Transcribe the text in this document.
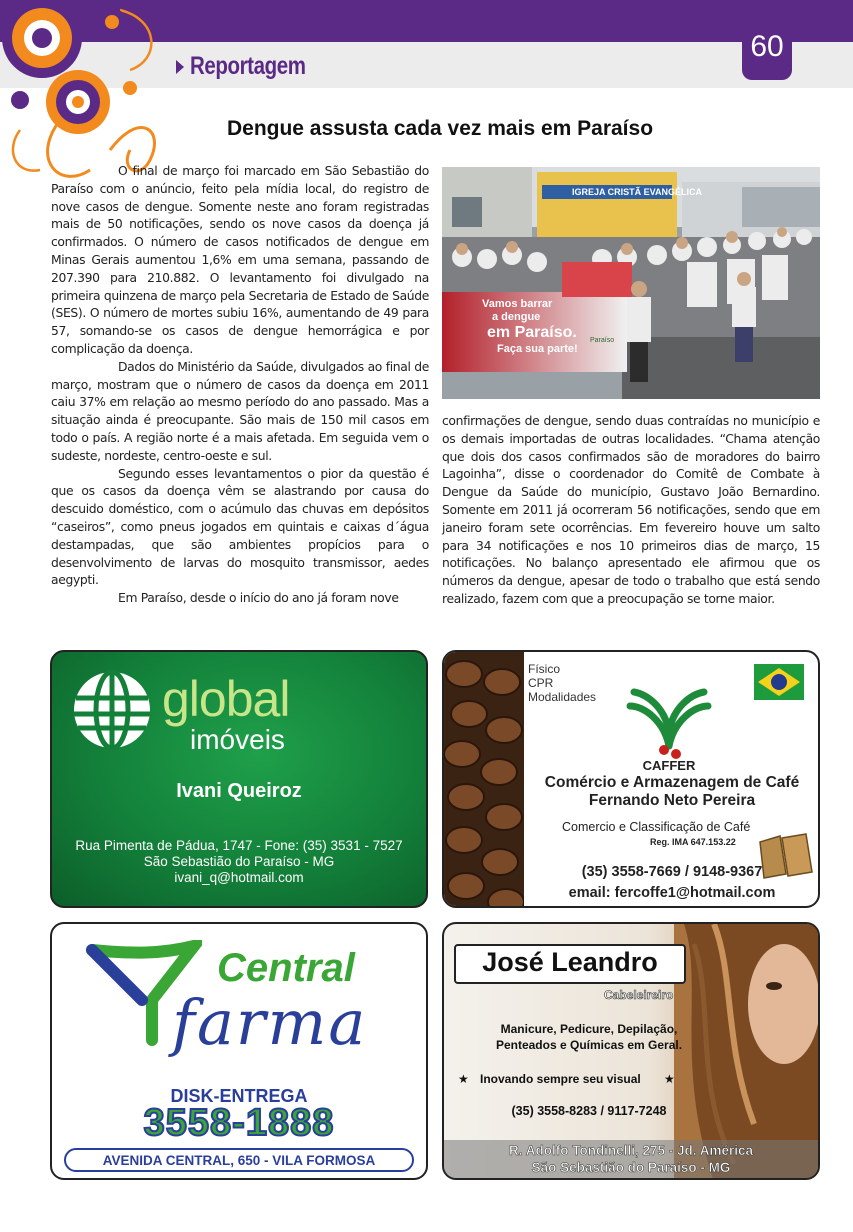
Reportagem
60
Dengue assusta cada vez mais em Paraíso

O final de março foi marcado em São Sebastião do Paraíso com o anúncio, feito pela mídia local, do registro de nove casos de dengue. Somente neste ano foram registradas mais de 50 notificações, sendo os nove casos da doença já confirmados. O número de casos notificados de dengue em Minas Gerais aumentou 1,6% em uma semana, passando de 207.390 para 210.882. O levantamento foi divulgado na primeira quinzena de março pela Secretaria de Estado de Saúde (SES). O número de mortes subiu 16%, aumentando de 49 para 57, somando-se os casos de dengue hemorrágica e por complicação da doença.

Dados do Ministério da Saúde, divulgados ao final de março, mostram que o número de casos da doença em 2011 caiu 37% em relação ao mesmo período do ano passado. Mas a situação ainda é preocupante. São mais de 150 mil casos em todo o país. A região norte é a mais afetada. Em seguida vem o sudeste, nordeste, centro-oeste e sul.

Segundo esses levantamentos o pior da questão é que os casos da doença vêm se alastrando por causa do descuido doméstico, com o acúmulo das chuvas em depósitos “caseiros”, como pneus jogados em quintais e caixas d´água destampadas, que são ambientes propícios para o desenvolvimento de larvas do mosquito transmissor, aedes aegypti.

Em Paraíso, desde o início do ano já foram nove

Vamos barrar
a dengue
em Paraíso.
Faça sua parte!
Paraíso
IGREJA CRISTÃ EVANGÉLICA

confirmações de dengue, sendo duas contraídas no município e os demais importadas de outras localidades. “Chama atenção que dois dos casos confirmados são de moradores do bairro Lagoinha”, disse o coordenador do Comitê de Combate à Dengue da Saúde do município, Gustavo João Bernardino. Somente em 2011 já ocorreram 56 notificações, sendo que em janeiro foram sete ocorrências. Em fevereiro houve um salto para 34 notificações e nos 10 primeiros dias de março, 15 notificações. No balanço apresentado ele afirmou que os números da dengue, apesar de todo o trabalho que está sendo realizado, fazem com que a preocupação se torne maior.

global
imóveis
Ivani Queiroz
Rua Pimenta de Pádua, 1747 - Fone: (35) 3531 - 7527
São Sebastião do Paraíso - MG
ivani_q@hotmail.com
Físico
CPR
Modalidades
CAFFER
Comércio e Armazenagem de Café
Fernando Neto Pereira
Comercio e Classificação de Café
Reg. IMA 647.153.22
(35) 3558-7669 / 9148-9367
email: fercoffe1@hotmail.com
Central
farma
DISK-ENTREGA
3558-1888
AVENIDA CENTRAL, 650 - VILA FORMOSA
José Leandro
Cabeleireiro
Manicure, Pedicure, Depilação,
Penteados e Químicas em Geral.
★ Inovando sempre seu visual ★
(35) 3558-8283 / 9117-7248
R. Adolfo Tondinelli, 275 - Jd. América
São Sebastião do Paraíso - MG
